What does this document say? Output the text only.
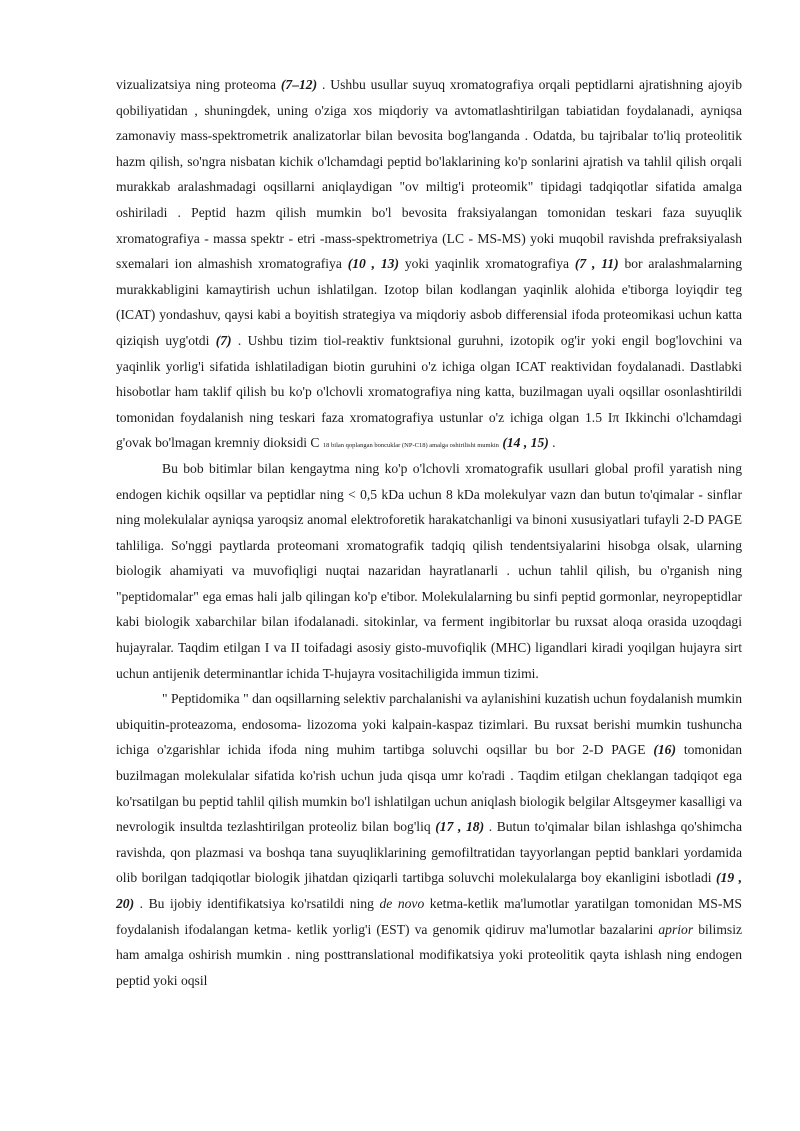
vizualizatsiya ning proteoma (7–12) . Ushbu usullar suyuq xromatografiya orqali peptidlarni ajratishning ajoyib qobiliyatidan , shuningdek, uning o'ziga xos miqdoriy va avtomatlashtirilgan tabiatidan foydalanadi, ayniqsa zamonaviy mass-spektrometrik analizatorlar bilan bevosita bog'langanda . Odatda, bu tajribalar to'liq proteolitik hazm qilish, so'ngra nisbatan kichik o'lchamdagi peptid bo'laklarining ko'p sonlarini ajratish va tahlil qilish orqali murakkab aralashmadagi oqsillarni aniqlaydigan "ov miltig'i proteomik" tipidagi tadqiqotlar sifatida amalga oshiriladi . Peptid hazm qilish mumkin bo'l bevosita fraksiyalangan tomonidan teskari faza suyuqlik xromatografiya - massa spektr - etri -mass-spektrometriya (LC - MS-MS) yoki muqobil ravishda prefraksiyalash sxemalari ion almashish xromatografiya (10 , 13) yoki yaqinlik xromatografiya (7 , 11) bor aralashmalarning murakkabligini kamaytirish uchun ishlatilgan. Izotop bilan kodlangan yaqinlik alohida e'tiborga loyiqdir teg (ICAT) yondashuv, qaysi kabi a boyitish strategiya va miqdoriy asbob differensial ifoda proteomikasi uchun katta qiziqish uyg'otdi (7) . Ushbu tizim tiol-reaktiv funktsional guruhni, izotopik og'ir yoki engil bog'lovchini va yaqinlik yorlig'i sifatida ishlatiladigan biotin guruhini o'z ichiga olgan ICAT reaktividan foydalanadi. Dastlabki hisobotlar ham taklif qilish bu ko'p o'lchovli xromatografiya ning katta, buzilmagan uyali oqsillar osonlashtirildi tomonidan foydalanish ning teskari faza xromatografiya ustunlar o'z ichiga olgan 1.5 Ιπ Ikkinchi o'lchamdagi g'ovak bo'lmagan kremniy dioksidi C 18 bilan qoplangan boncuklar (NP-C18) amalga oshirilishi mumkin (14 , 15) .

Bu bob bitimlar bilan kengaytma ning ko'p o'lchovli xromatografik usullari global profil yaratish ning endogen kichik oqsillar va peptidlar ning < 0,5 kDa uchun 8 kDa molekulyar vazn dan butun to'qimalar - sinflar ning molekulalar ayniqsa yaroqsiz anomal elektroforetik harakatchanligi va binoni xususiyatlari tufayli 2-D PAGE tahliliga. So'nggi paytlarda proteomani xromatografik tadqiq qilish tendentsiyalarini hisobga olsak, ularning biologik ahamiyati va muvofiqligi nuqtai nazaridan hayratlanarli . uchun tahlil qilish, bu o'rganish ning "peptidomalar" ega emas hali jalb qilingan ko'p e'tibor. Molekulalarning bu sinfi peptid gormonlar, neyropeptidlar kabi biologik xabarchilar bilan ifodalanadi. sitokinlar, va ferment ingibitorlar bu ruxsat aloqa orasida uzoqdagi hujayralar. Taqdim etilgan I va II toifadagi asosiy gisto-muvofiqlik (MHC) ligandlari kiradi yoqilgan hujayra sirt uchun antijenik determinantlar ichida T-hujayra vositachiligida immun tizimi.

" Peptidomika " dan oqsillarning selektiv parchalanishi va aylanishini kuzatish uchun foydalanish mumkin ubiquitin-proteazoma, endosoma- lizozoma yoki kalpain-kaspaz tizimlari. Bu ruxsat berishi mumkin tushuncha ichiga o'zgarishlar ichida ifoda ning muhim tartibga soluvchi oqsillar bu bor 2-D PAGE (16) tomonidan buzilmagan molekulalar sifatida ko'rish uchun juda qisqa umr ko'radi . Taqdim etilgan cheklangan tadqiqot ega ko'rsatilgan bu peptid tahlil qilish mumkin bo'l ishlatilgan uchun aniqlash biologik belgilar Altsgeymer kasalligi va nevrologik insultda tezlashtirilgan proteoliz bilan bog'liq (17 , 18) . Butun to'qimalar bilan ishlashga qo'shimcha ravishda, qon plazmasi va boshqa tana suyuqliklarining gemofiltratidan tayyorlangan peptid banklari yordamida olib borilgan tadqiqotlar biologik jihatdan qiziqarli tartibga soluvchi molekulalarga boy ekanligini isbotladi (19 , 20) . Bu ijobiy identifikatsiya ko'rsatildi ning de novo ketma-ketlik ma'lumotlar yaratilgan tomonidan MS-MS foydalanish ifodalangan ketma- ketlik yorlig'i (EST) va genomik qidiruv ma'lumotlar bazalarini aprior bilimsiz ham amalga oshirish mumkin . ning posttranslational modifikatsiya yoki proteolitik qayta ishlash ning endogen peptid yoki oqsil
